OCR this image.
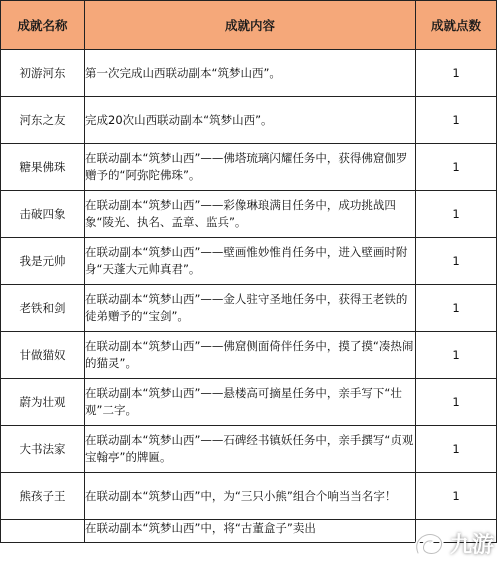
成就名称	成就内容	成就点数
初游河东	第一次完成山西联动副本“筑梦山西”。	1
河东之友	完成20次山西联动副本“筑梦山西”。	1
糖果佛珠	在联动副本“筑梦山西”——佛塔琉璃闪耀任务中，获得佛窟伽罗赠予的“阿弥陀佛珠”。	1
击破四象	在联动副本“筑梦山西”——彩像琳琅满目任务中，成功挑战四象“陵光、执名、孟章、监兵”。	1
我是元帅	在联动副本“筑梦山西”——壁画惟妙惟肖任务中，进入壁画时附身“天蓬大元帅真君”。	1
老铁和剑	在联动副本“筑梦山西”——金人驻守圣地任务中，获得王老铁的徒弟赠予的“宝剑”。	1
甘做猫奴	在联动副本“筑梦山西”——佛窟侧面倚伴任务中，摸了摸“凑热闹的猫灵”。	1
蔚为壮观	在联动副本“筑梦山西”——悬楼高可摘星任务中，亲手写下“壮观”二字。	1
大书法家	在联动副本“筑梦山西”——石碑经书镇妖任务中，亲手撰写“贞观宝翰亭”的牌匾。	1
熊孩子王	在联动副本“筑梦山西”中，为“三只小熊”组合个响当当名字！	1
	在联动副本“筑梦山西”中，将“古董盒子”卖出	
九游
